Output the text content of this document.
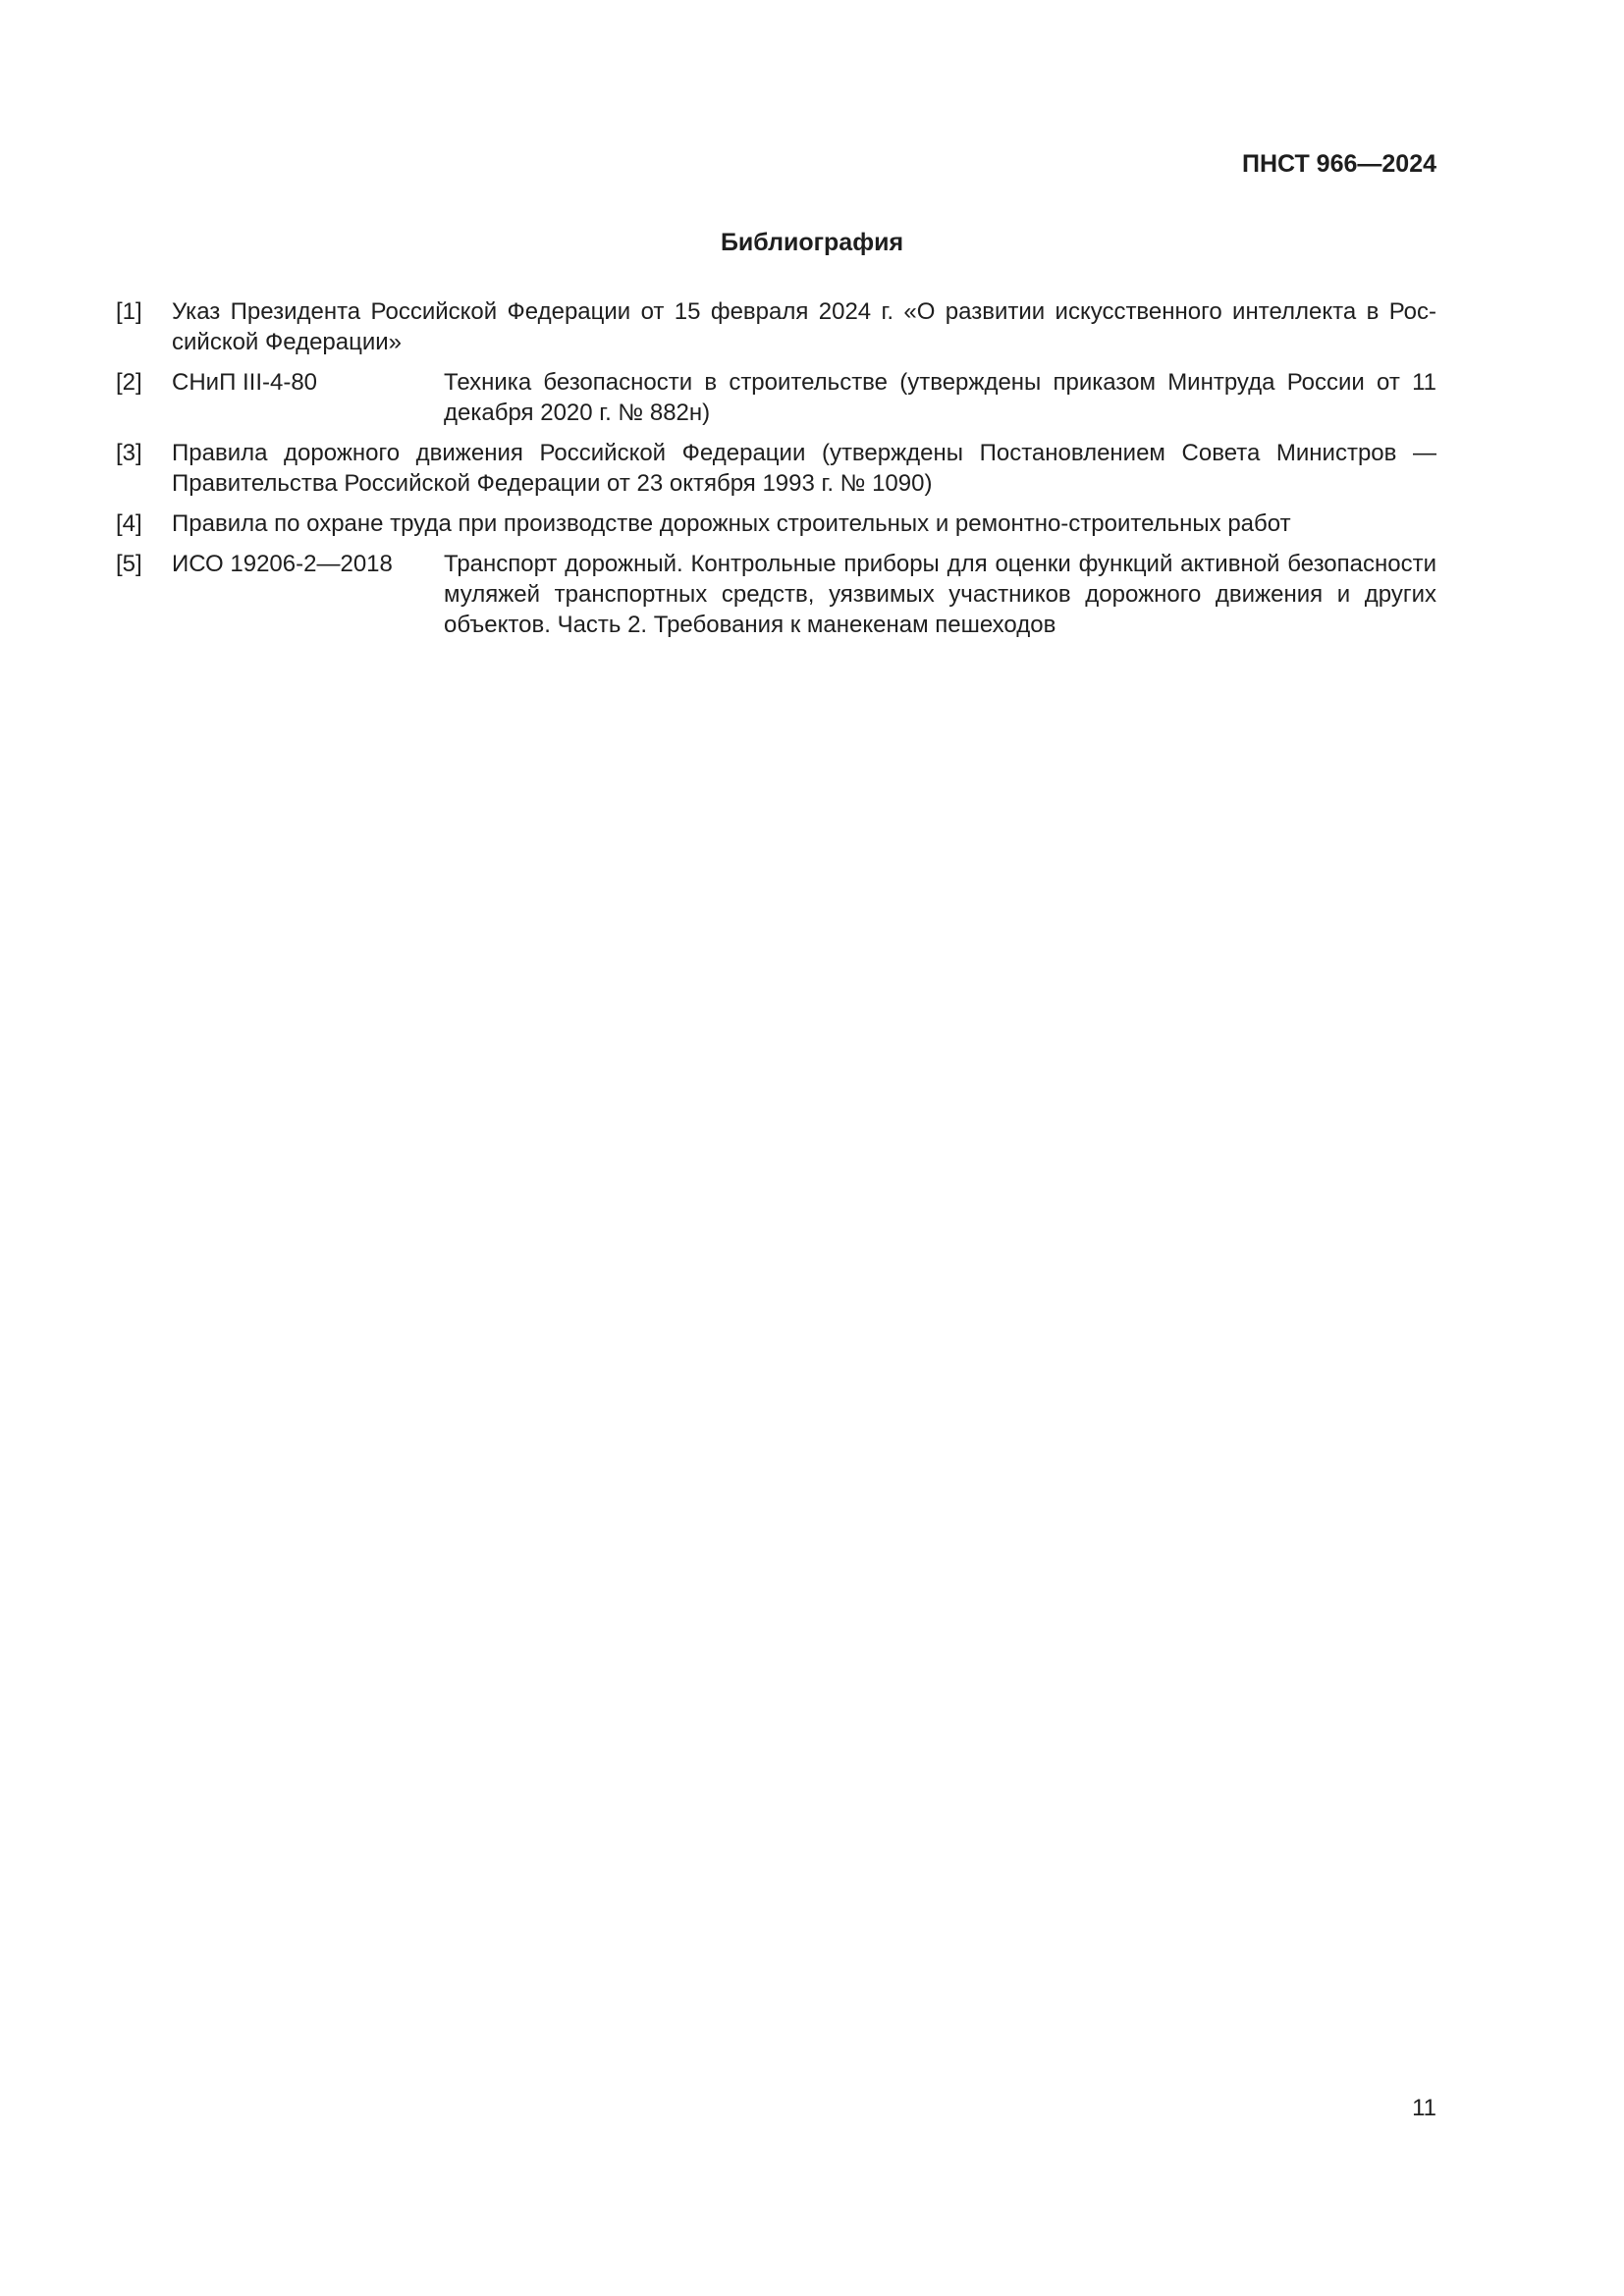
ПНСТ 966—2024
Библиография
[1] Указ Президента Российской Федерации от 15 февраля 2024 г. «О развитии искусственного интеллекта в Российской Федерации»
[2] СНиП III-4-80	Техника безопасности в строительстве (утверждены приказом Минтруда России от 11 декабря 2020 г. № 882н)
[3] Правила дорожного движения Российской Федерации (утверждены Постановлением Совета Министров — Правительства Российской Федерации от 23 октября 1993 г. № 1090)
[4] Правила по охране труда при производстве дорожных строительных и ремонтно-строительных работ
[5] ИСО 19206-2—2018 Транспорт дорожный. Контрольные приборы для оценки функций активной безопасности муляжей транспортных средств, уязвимых участников дорожного движения и других объектов. Часть 2. Требования к манекенам пешеходов
11
